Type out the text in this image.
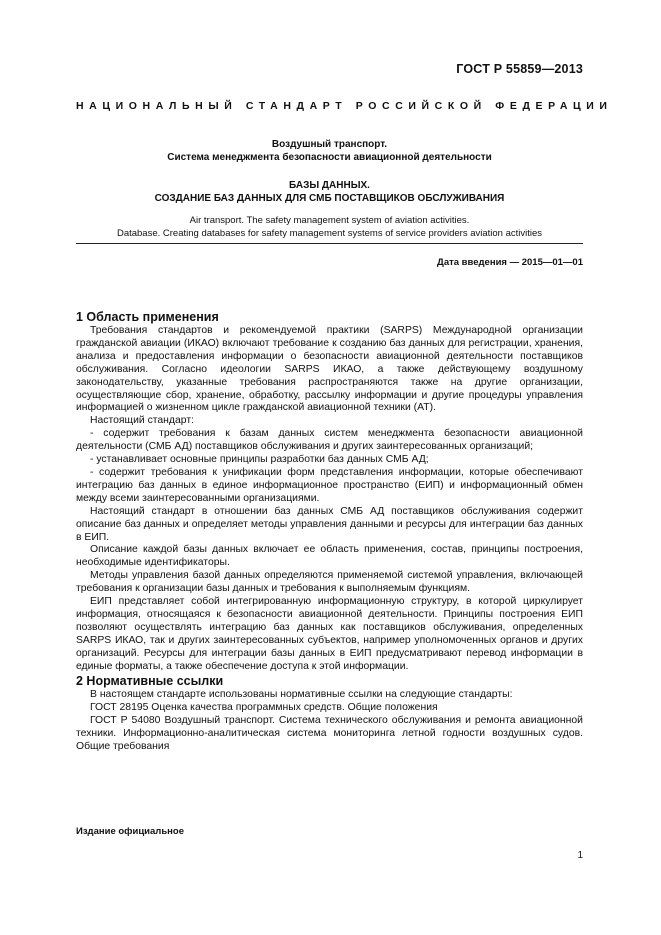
ГОСТ Р 55859—2013
НАЦИОНАЛЬНЫЙ СТАНДАРТ РОССИЙСКОЙ ФЕДЕРАЦИИ
Воздушный транспорт.
Система менеджмента безопасности авиационной деятельности
БАЗЫ ДАННЫХ.
СОЗДАНИЕ БАЗ ДАННЫХ ДЛЯ СМБ ПОСТАВЩИКОВ ОБСЛУЖИВАНИЯ
Air transport. The safety management system of aviation activities.
Database. Creating databases for safety management systems of service providers aviation activities
Дата введения — 2015—01—01
1 Область применения

Требования стандартов и рекомендуемой практики (SARPS) Международной организации гражданской авиации (ИКАО) включают требование к созданию баз данных для регистрации, хранения, анализа и предоставления информации о безопасности авиационной деятельности поставщиков обслуживания. Согласно идеологии SARPS ИКАО, а также действующему воздушному законодательству, указанные требования распространяются также на другие организации, осуществляющие сбор, хранение, обработку, рассылку информации и другие процедуры управления информацией о жизненном цикле гражданской авиационной техники (АТ).

Настоящий стандарт:

- содержит требования к базам данных систем менеджмента безопасности авиационной деятельности (СМБ АД) поставщиков обслуживания и других заинтересованных организаций;

- устанавливает основные принципы разработки баз данных СМБ АД;

- содержит требования к унификации форм представления информации, которые обеспечивают интеграцию баз данных в единое информационное пространство (ЕИП) и информационный обмен между всеми заинтересованными организациями.

Настоящий стандарт в отношении баз данных СМБ АД поставщиков обслуживания содержит описание баз данных и определяет методы управления данными и ресурсы для интеграции баз данных в ЕИП.

Описание каждой базы данных включает ее область применения, состав, принципы построения, необходимые идентификаторы.

Методы управления базой данных определяются применяемой системой управления, включающей требования к организации базы данных и требования к выполняемым функциям.

ЕИП представляет собой интегрированную информационную структуру, в которой циркулирует информация, относящаяся к безопасности авиационной деятельности. Принципы построения ЕИП позволяют осуществлять интеграцию баз данных как поставщиков обслуживания, определенных SARPS ИКАО, так и других заинтересованных субъектов, например уполномоченных органов и других организаций. Ресурсы для интеграции базы данных в ЕИП предусматривают перевод информации в единые форматы, а также обеспечение доступа к этой информации.

2 Нормативные ссылки

В настоящем стандарте использованы нормативные ссылки на следующие стандарты:

ГОСТ 28195 Оценка качества программных средств. Общие положения

ГОСТ Р 54080 Воздушный транспорт. Система технического обслуживания и ремонта авиационной техники. Информационно-аналитическая система мониторинга летной годности воздушных судов. Общие требования

Издание официальное
1
